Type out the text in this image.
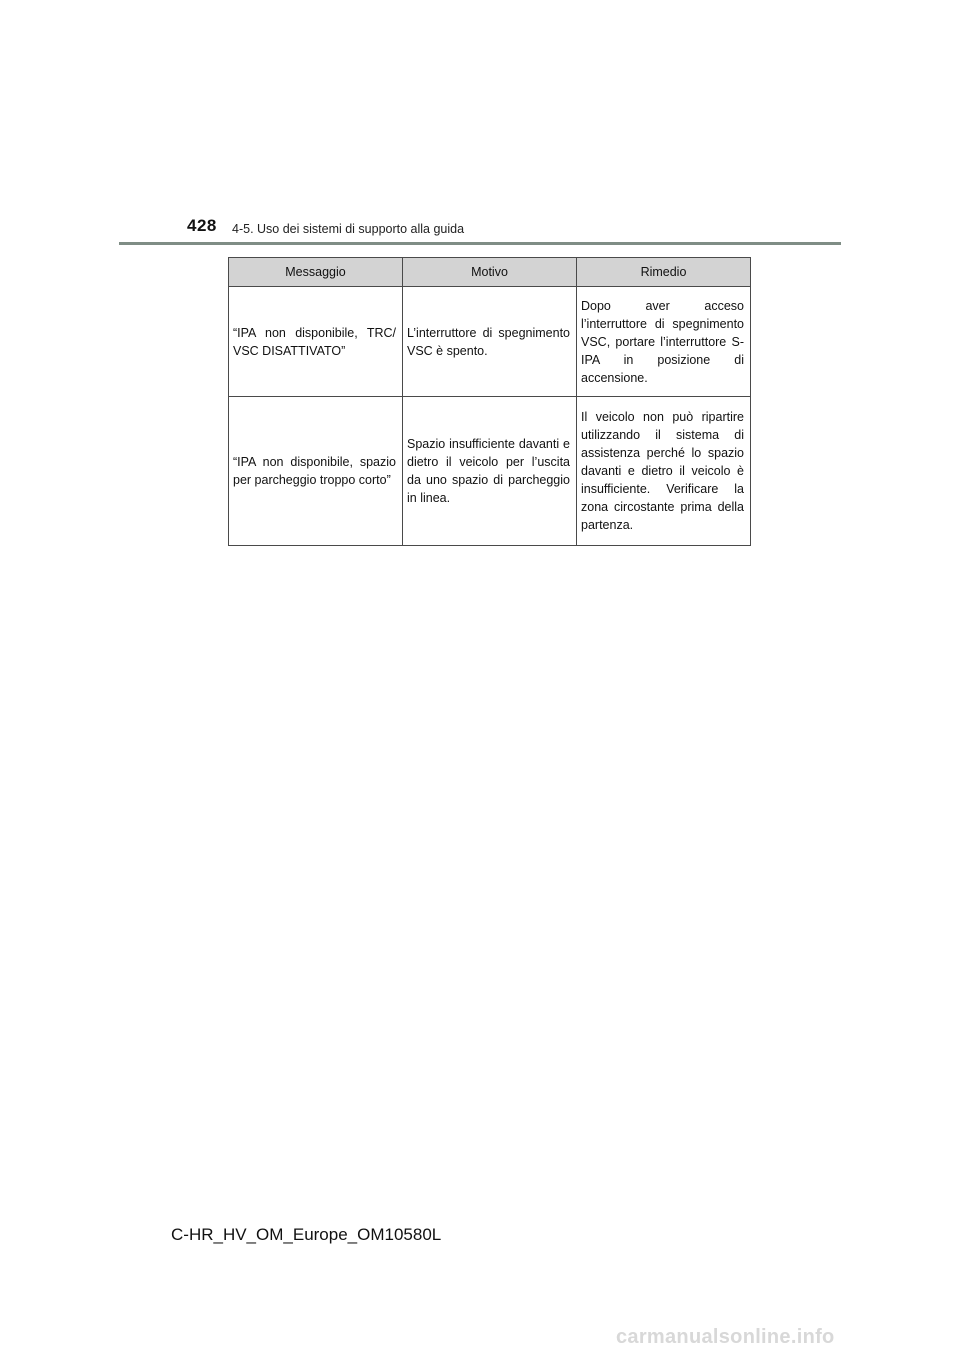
428 4-5. Uso dei sistemi di supporto alla guida
Messaggio	Motivo	Rimedio
“IPA non disponibile, TRC/ VSC DISATTIVATO”	L’interruttore di spegnimento VSC è spento.	Dopo aver acceso l’interruttore di spegnimento VSC, portare l’interruttore S-IPA in posizione di accensione.
“IPA non disponibile, spazio per parcheggio troppo corto”	Spazio insufficiente davanti e dietro il veicolo per l’uscita da uno spazio di parcheggio in linea.	Il veicolo non può ripartire utilizzando il sistema di assistenza perché lo spazio davanti e dietro il veicolo è insufficiente. Verificare la zona circostante prima della partenza.
C-HR_HV_OM_Europe_OM10580L
carmanualsonline.info
